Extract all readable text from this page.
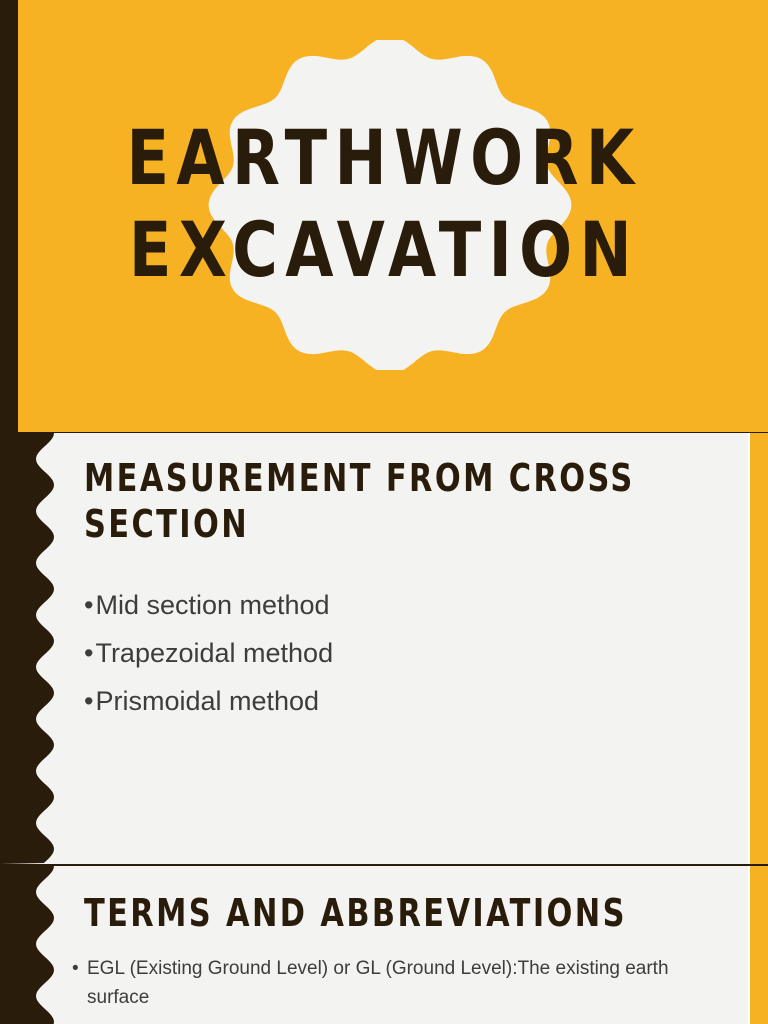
EARTHWORK
EXCAVATION
MEASUREMENT FROM CROSS
SECTION
•Mid section method
•Trapezoidal method
•Prismoidal method
TERMS AND ABBREVIATIONS
• EGL (Existing Ground Level) or GL (Ground Level):The existing earth surface
